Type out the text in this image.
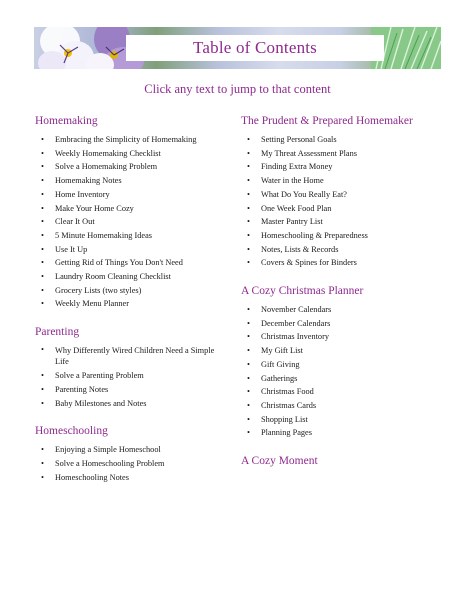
Table of Contents
Click any text to jump to that content
Homemaking
• Embracing the Simplicity of Homemaking
• Weekly Homemaking Checklist
• Solve a Homemaking Problem
• Homemaking Notes
• Home Inventory
• Make Your Home Cozy
• Clear It Out
• 5 Minute Homemaking Ideas
• Use It Up
• Getting Rid of Things You Don't Need
• Laundry Room Cleaning Checklist
• Grocery Lists (two styles)
• Weekly Menu Planner
Parenting
• Why Differently Wired Children Need a Simple Life
• Solve a Parenting Problem
• Parenting Notes
• Baby Milestones and Notes
Homeschooling
• Enjoying a Simple Homeschool
• Solve a Homeschooling Problem
• Homeschooling Notes
The Prudent & Prepared Homemaker
• Setting Personal Goals
• My Threat Assessment Plans
• Finding Extra Money
• Water in the Home
• What Do You Really Eat?
• One Week Food Plan
• Master Pantry List
• Homeschooling & Preparedness
• Notes, Lists & Records
• Covers & Spines for Binders
A Cozy Christmas Planner
• November Calendars
• December Calendars
• Christmas Inventory
• My Gift List
• Gift Giving
• Gatherings
• Christmas Food
• Christmas Cards
• Shopping List
• Planning Pages
A Cozy Moment
